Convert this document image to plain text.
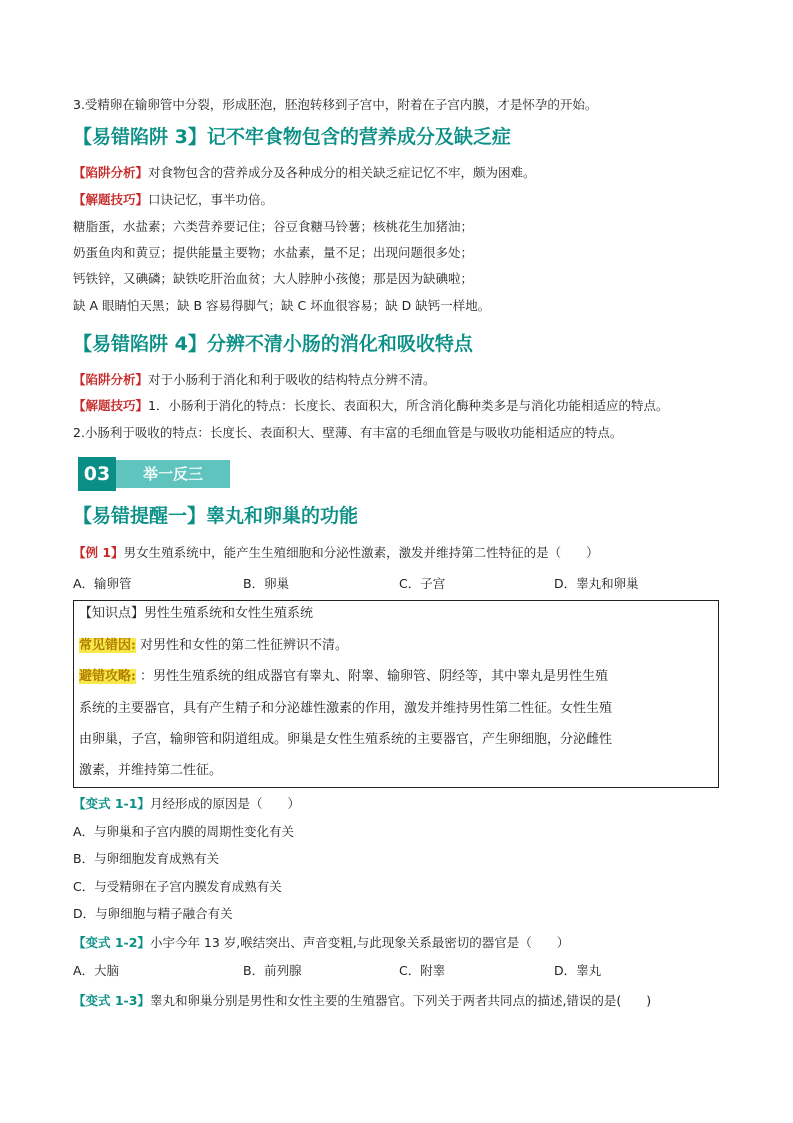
3.受精卵在输卵管中分裂，形成胚泡，胚泡转移到子宫中，附着在子宫内膜，才是怀孕的开始。
【易错陷阱 3】记不牢食物包含的营养成分及缺乏症
【陷阱分析】对食物包含的营养成分及各种成分的相关缺乏症记忆不牢，颇为困难。
【解题技巧】口诀记忆，事半功倍。
糖脂蛋，水盐素；六类营养要记住；谷豆食糖马铃薯；核桃花生加猪油；
奶蛋鱼肉和黄豆；提供能量主要物；水盐素，量不足；出现问题很多处；
钙铁锌，又碘磷；缺铁吃肝治血贫；大人脖肿小孩傻；那是因为缺碘啦；
缺 A 眼睛怕天黑；缺 B 容易得脚气；缺 C 坏血很容易；缺 D 缺钙一样地。
【易错陷阱 4】分辨不清小肠的消化和吸收特点
【陷阱分析】对于小肠利于消化和利于吸收的结构特点分辨不清。
【解题技巧】1．小肠利于消化的特点：长度长、表面积大，所含消化酶种类多是与消化功能相适应的特点。
2.小肠利于吸收的特点：长度长、表面积大、壁薄、有丰富的毛细血管是与吸收功能相适应的特点。
03	举一反三
【易错提醒一】睾丸和卵巢的功能
【例 1】男女生殖系统中，能产生生殖细胞和分泌性激素，激发并维持第二性特征的是（　　）
A．输卵管	B．卵巢	C．子宫	D．睾丸和卵巢
【知识点】男性生殖系统和女性生殖系统
常见错因: 对男性和女性的第二性征辨识不清。
避错攻略: ：男性生殖系统的组成器官有睾丸、附睾、输卵管、阴经等，其中睾丸是男性生殖
系统的主要器官，具有产生精子和分泌雄性激素的作用，激发并维持男性第二性征。女性生殖
由卵巢，子宫，输卵管和阴道组成。卵巢是女性生殖系统的主要器官，产生卵细胞，分泌雌性
激素，并维持第二性征。
【变式 1-1】月经形成的原因是（　　）
A．与卵巢和子宫内膜的周期性变化有关
B．与卵细胞发育成熟有关
C．与受精卵在子宫内膜发育成熟有关
D．与卵细胞与精子融合有关
【变式 1-2】小宇今年 13 岁,喉结突出、声音变粗,与此现象关系最密切的器官是（　　）
A．大脑	B．前列腺	C．附睾	D．睾丸
【变式 1-3】睾丸和卵巢分别是男性和女性主要的生殖器官。下列关于两者共同点的描述,错误的是(　　)
